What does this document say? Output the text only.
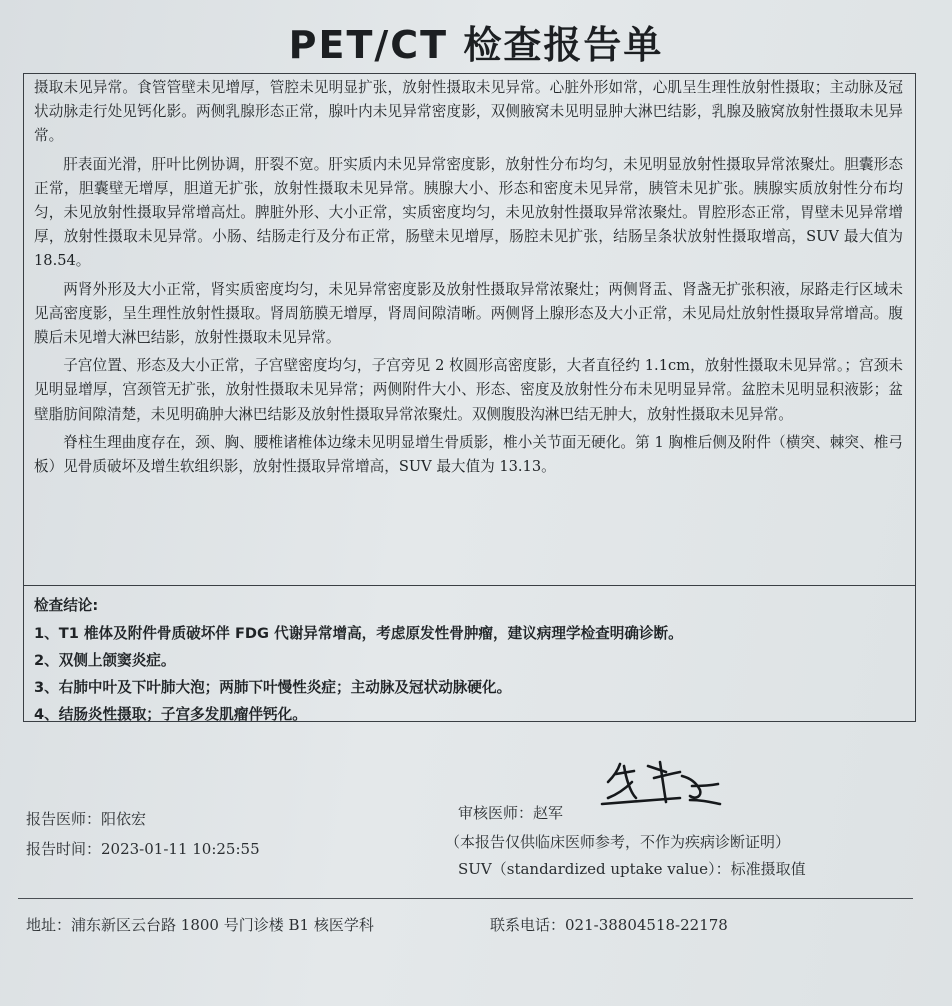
PET/CT 检查报告单

摄取未见异常。食管管壁未见增厚，管腔未见明显扩张，放射性摄取未见异常。心脏外形如常，心肌呈生理性放射性摄取；主动脉及冠状动脉走行处见钙化影。两侧乳腺形态正常，腺叶内未见异常密度影，双侧腋窝未见明显肿大淋巴结影，乳腺及腋窝放射性摄取未见异常。

肝表面光滑，肝叶比例协调，肝裂不宽。肝实质内未见异常密度影，放射性分布均匀，未见明显放射性摄取异常浓聚灶。胆囊形态正常，胆囊壁无增厚，胆道无扩张，放射性摄取未见异常。胰腺大小、形态和密度未见异常，胰管未见扩张。胰腺实质放射性分布均匀，未见放射性摄取异常增高灶。脾脏外形、大小正常，实质密度均匀，未见放射性摄取异常浓聚灶。胃腔形态正常，胃壁未见异常增厚，放射性摄取未见异常。小肠、结肠走行及分布正常，肠壁未见增厚，肠腔未见扩张，结肠呈条状放射性摄取增高，SUV 最大值为 18.54。

两肾外形及大小正常，肾实质密度均匀，未见异常密度影及放射性摄取异常浓聚灶；两侧肾盂、肾盏无扩张积液，尿路走行区域未见高密度影，呈生理性放射性摄取。肾周筋膜无增厚，肾周间隙清晰。两侧肾上腺形态及大小正常，未见局灶放射性摄取异常增高。腹膜后未见增大淋巴结影，放射性摄取未见异常。

子宫位置、形态及大小正常，子宫壁密度均匀，子宫旁见 2 枚圆形高密度影，大者直径约 1.1cm，放射性摄取未见异常。；宫颈未见明显增厚，宫颈管无扩张，放射性摄取未见异常；两侧附件大小、形态、密度及放射性分布未见明显异常。盆腔未见明显积液影；盆壁脂肪间隙清楚，未见明确肿大淋巴结影及放射性摄取异常浓聚灶。双侧腹股沟淋巴结无肿大，放射性摄取未见异常。

脊柱生理曲度存在，颈、胸、腰椎诸椎体边缘未见明显增生骨质影，椎小关节面无硬化。第 1 胸椎后侧及附件（横突、棘突、椎弓板）见骨质破坏及增生软组织影，放射性摄取异常增高，SUV 最大值为 13.13。

检查结论:

1、T1 椎体及附件骨质破坏伴 FDG 代谢异常增高，考虑原发性骨肿瘤，建议病理学检查明确诊断。

2、双侧上颌窦炎症。

3、右肺中叶及下叶肺大泡；两肺下叶慢性炎症；主动脉及冠状动脉硬化。

4、结肠炎性摄取；子宫多发肌瘤伴钙化。

报告医师：阳依宏
报告时间：2023-01-11 10:25:55
审核医师：赵军
（本报告仅供临床医师参考，不作为疾病诊断证明）
SUV（standardized uptake value）：标准摄取值
地址：浦东新区云台路 1800 号门诊楼 B1 核医学科	联系电话：021-38804518-22178
